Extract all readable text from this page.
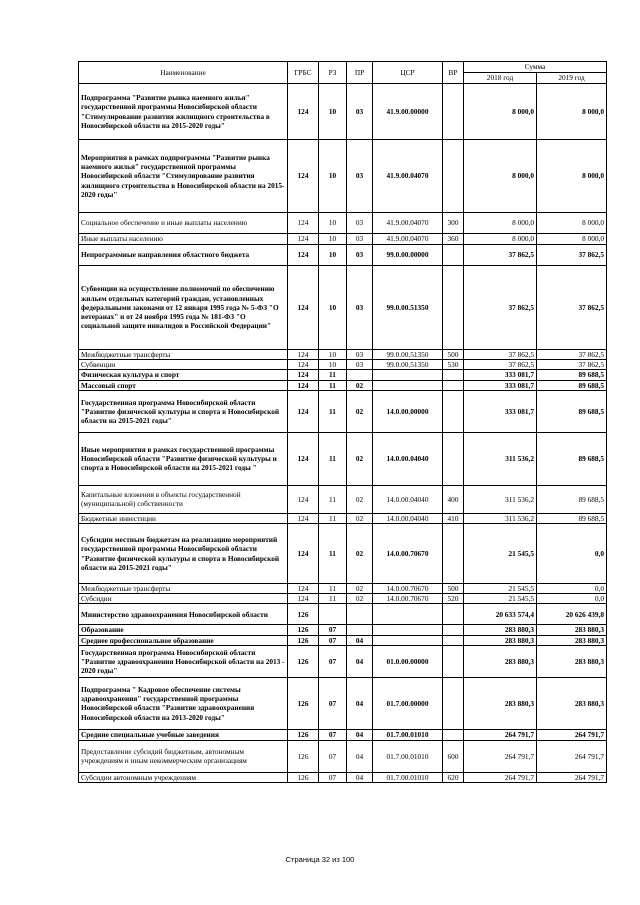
Наименование	ГРБС	РЗ	ПР	ЦСР	ВР	Сумма	
						2018 год	2019 год
Подпрограмма "Развитие рынка наемного жилья" государственной программы Новосибирской области "Стимулирование развития жилищного строительства в Новосибирской области на 2015-2020 годы"	124	10	03	41.9.00.00000		8 000,0	8 000,0
Мероприятия в рамках подпрограммы "Развитие рынка наемного жилья" государственной программы Новосибирской области "Стимулирование развития жилищного строительства в Новосибирской области на 2015-2020 годы"	124	10	03	41.9.00.04070		8 000,0	8 000,0
Социальное обеспечение и иные выплаты населению	124	10	03	41.9.00.04070	300	8 000,0	8 000,0
Иные выплаты населению	124	10	03	41.9.00.04070	360	8 000,0	8 000,0
Непрограммные направления областного бюджета	124	10	03	99.0.00.00000		37 862,5	37 862,5
Субвенции на осуществление полномочий по обеспечению жильем отдельных категорий граждан, установленных федеральными законами от 12 января 1995 года № 5-ФЗ "О ветеранах" и от 24 ноября 1995 года № 181-ФЗ "О социальной защите инвалидов в Российской Федерации"	124	10	03	99.0.00.51350		37 862,5	37 862,5
Межбюджетные трансферты	124	10	03	99.0.00.51350	500	37 862,5	37 862,5
Субвенции	124	10	03	99.0.00.51350	530	37 862,5	37 862,5
Физическая культура и спорт	124	11				333 081,7	89 688,5
Массовый спорт	124	11	02			333 081,7	89 688,5
Государственная программа Новосибирской области "Развитие физической культуры и спорта в Новосибирской области на 2015-2021 годы"	124	11	02	14.0.00.00000		333 081,7	89 688,5
Иные мероприятия в рамках государственной программы Новосибирской области "Развитие физической культуры и спорта в Новосибирской области на 2015-2021 годы "	124	11	02	14.0.00.04040		311 536,2	89 688,5
Капитальные вложения в объекты государственной (муниципальной) собственности	124	11	02	14.0.00.04040	400	311 536,2	89 688,5
Бюджетные инвестиции	124	11	02	14.0.00.04040	410	311 536,2	89 688,5
Субсидии местным бюджетам на реализацию мероприятий государственной программы Новосибирской области "Развитие физической культуры и спорта в Новосибирской области на 2015-2021 годы"	124	11	02	14.0.00.70670		21 545,5	0,0
Межбюджетные трансферты	124	11	02	14.0.00.70670	500	21 545,5	0,0
Субсидии	124	11	02	14.0.00.70670	520	21 545,5	0,0
Министерство здравоохранения Новосибирской области	126					20 633 574,4	20 626 439,8
Образование	126	07				283 880,3	283 880,3
Среднее профессиональное образование	126	07	04			283 880,3	283 880,3
Государственная программа Новосибирской области "Развитие здравоохранения Новосибирской области на 2013 - 2020 годы"	126	07	04	01.0.00.00000		283 880,3	283 880,3
Подпрограмма " Кадровое обеспечение системы здравоохранения" государственной программы Новосибирской области "Развитие здравоохранения Новосибирской области на 2013-2020 годы"	126	07	04	01.7.00.00000		283 880,3	283 880,3
Средние специальные учебные заведения	126	07	04	01.7.00.01010		264 791,7	264 791,7
Предоставление субсидий бюджетным, автономным учреждениям и иным некоммерческим организациям	126	07	04	01.7.00.01010	600	264 791,7	264 791,7
Субсидии автономным учреждениям	126	07	04	01.7.00.01010	620	264 791,7	264 791,7
Страница 32 из 100
